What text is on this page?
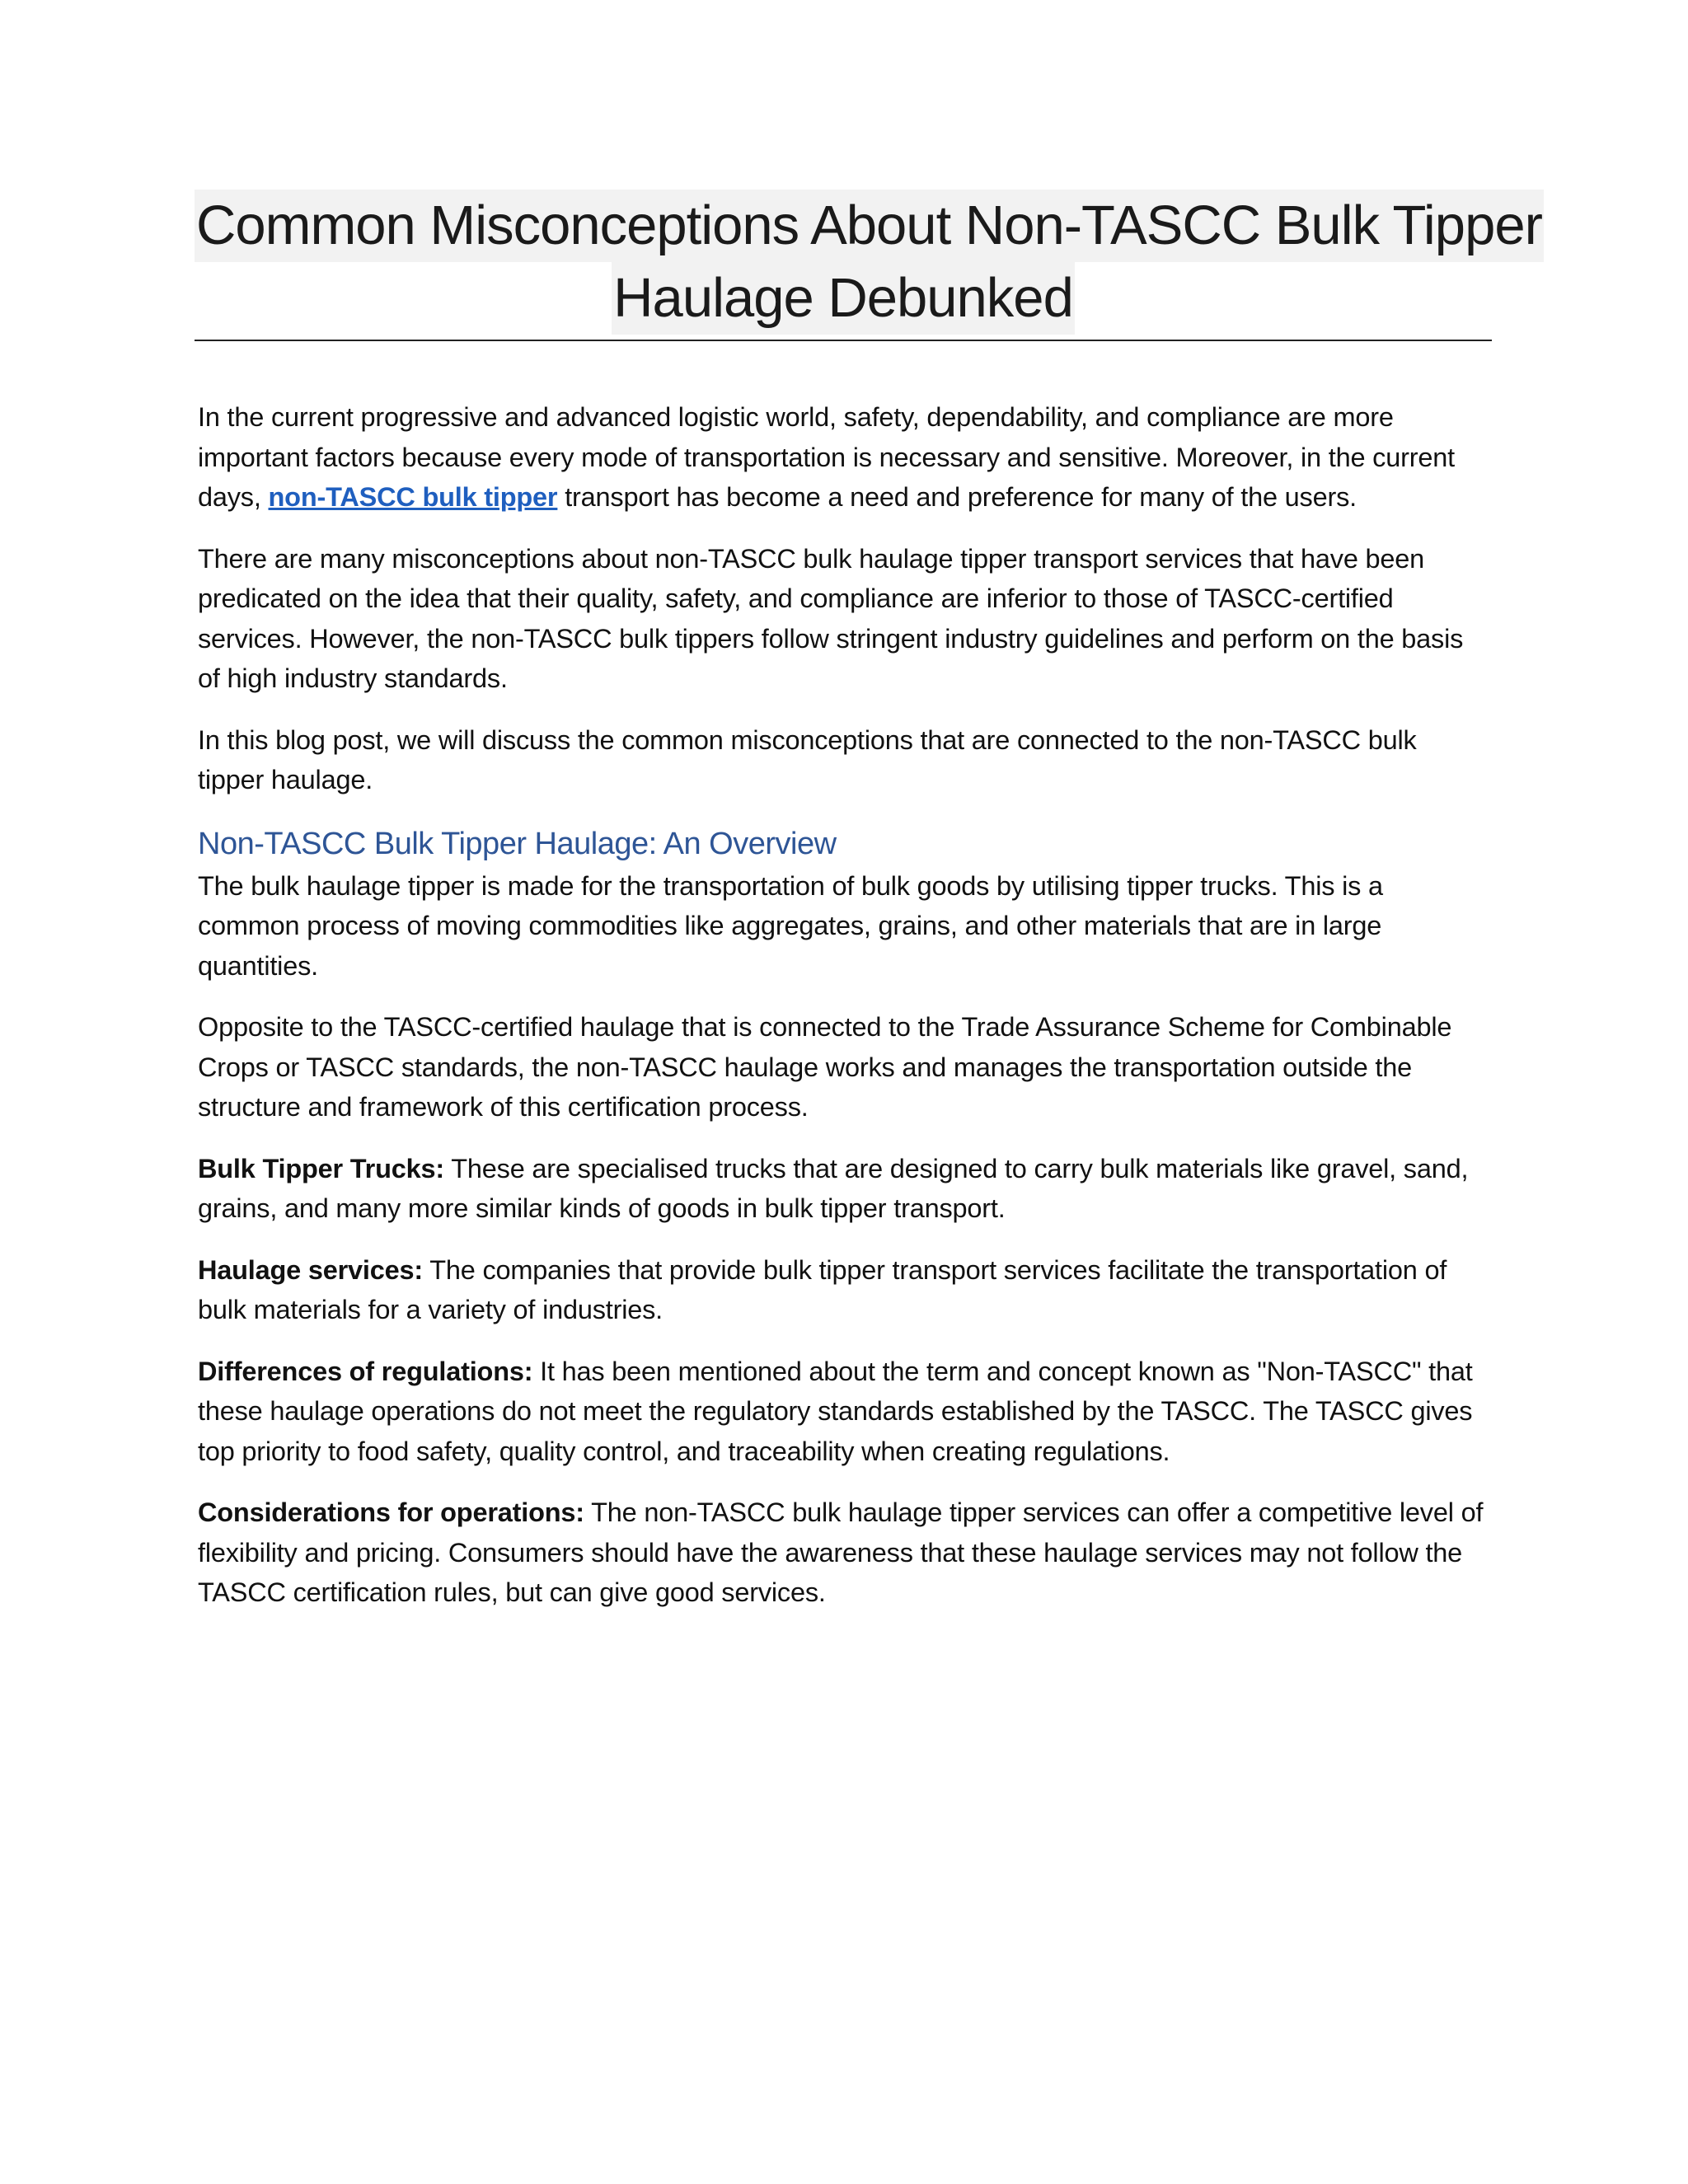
Common Misconceptions About Non-TASCC Bulk Tipper
Haulage Debunked

In the current progressive and advanced logistic world, safety, dependability, and compliance are more important factors because every mode of transportation is necessary and sensitive. Moreover, in the current days, non-TASCC bulk tipper transport has become a need and preference for many of the users.

There are many misconceptions about non-TASCC bulk haulage tipper transport services that have been predicated on the idea that their quality, safety, and compliance are inferior to those of TASCC-certified services. However, the non-TASCC bulk tippers follow stringent industry guidelines and perform on the basis of high industry standards.

In this blog post, we will discuss the common misconceptions that are connected to the non-TASCC bulk tipper haulage.

Non-TASCC Bulk Tipper Haulage: An Overview

The bulk haulage tipper is made for the transportation of bulk goods by utilising tipper trucks. This is a common process of moving commodities like aggregates, grains, and other materials that are in large quantities.

Opposite to the TASCC-certified haulage that is connected to the Trade Assurance Scheme for Combinable Crops or TASCC standards, the non-TASCC haulage works and manages the transportation outside the structure and framework of this certification process.

Bulk Tipper Trucks: These are specialised trucks that are designed to carry bulk materials like gravel, sand, grains, and many more similar kinds of goods in bulk tipper transport.

Haulage services: The companies that provide bulk tipper transport services facilitate the transportation of bulk materials for a variety of industries.

Differences of regulations: It has been mentioned about the term and concept known as "Non-TASCC" that these haulage operations do not meet the regulatory standards established by the TASCC. The TASCC gives top priority to food safety, quality control, and traceability when creating regulations.

Considerations for operations: The non-TASCC bulk haulage tipper services can offer a competitive level of flexibility and pricing. Consumers should have the awareness that these haulage services may not follow the TASCC certification rules, but can give good services.
